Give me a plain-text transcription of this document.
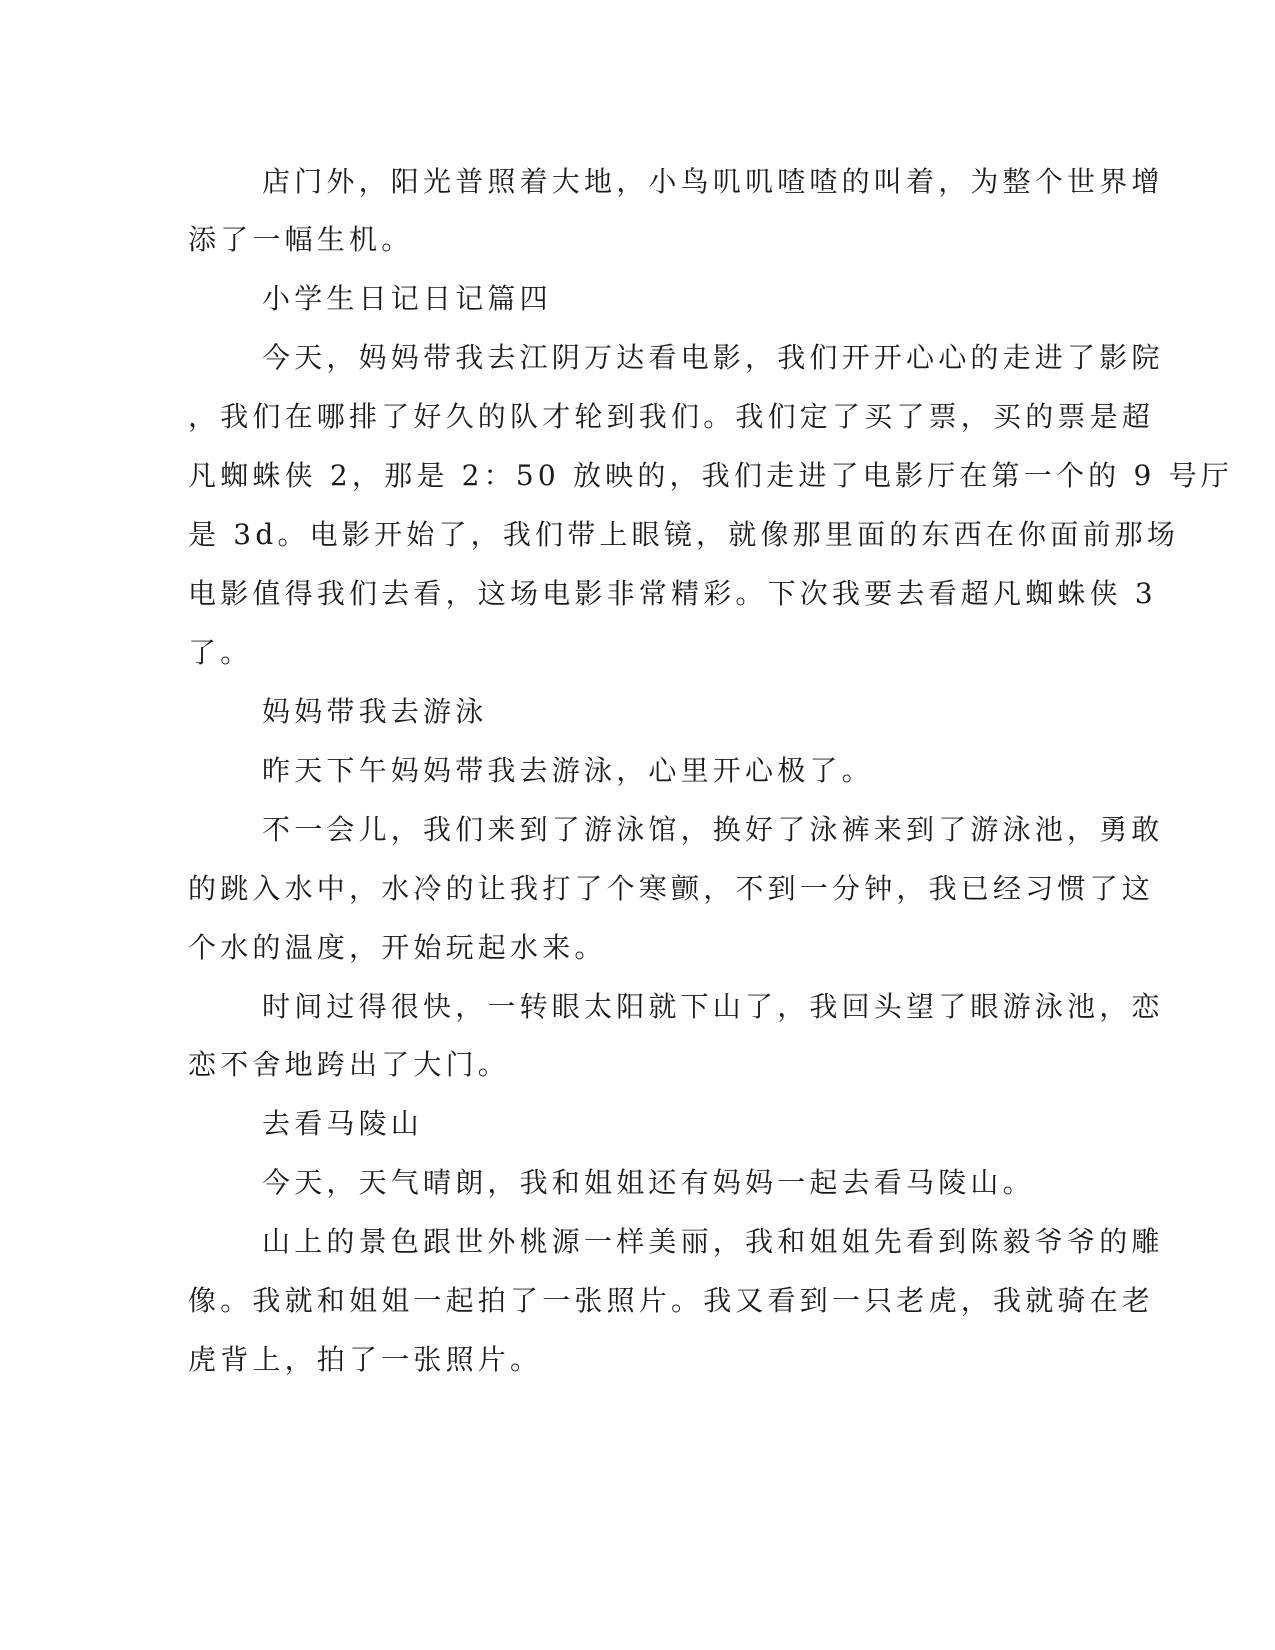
店门外，阳光普照着大地，小鸟叽叽喳喳的叫着，为整个世界增
添了一幅生机。
小学生日记日记篇四
今天，妈妈带我去江阴万达看电影，我们开开心心的走进了影院
，我们在哪排了好久的队才轮到我们。我们定了买了票，买的票是超
凡蜘蛛侠 2，那是 2：50 放映的，我们走进了电影厅在第一个的 9 号厅
是 3d。电影开始了，我们带上眼镜，就像那里面的东西在你面前那场
电影值得我们去看，这场电影非常精彩。下次我要去看超凡蜘蛛侠 3
了。
妈妈带我去游泳
昨天下午妈妈带我去游泳，心里开心极了。
不一会儿，我们来到了游泳馆，换好了泳裤来到了游泳池，勇敢
的跳入水中，水冷的让我打了个寒颤，不到一分钟，我已经习惯了这
个水的温度，开始玩起水来。
时间过得很快，一转眼太阳就下山了，我回头望了眼游泳池，恋
恋不舍地跨出了大门。
去看马陵山
今天，天气晴朗，我和姐姐还有妈妈一起去看马陵山。
山上的景色跟世外桃源一样美丽，我和姐姐先看到陈毅爷爷的雕
像。我就和姐姐一起拍了一张照片。我又看到一只老虎，我就骑在老
虎背上，拍了一张照片。
